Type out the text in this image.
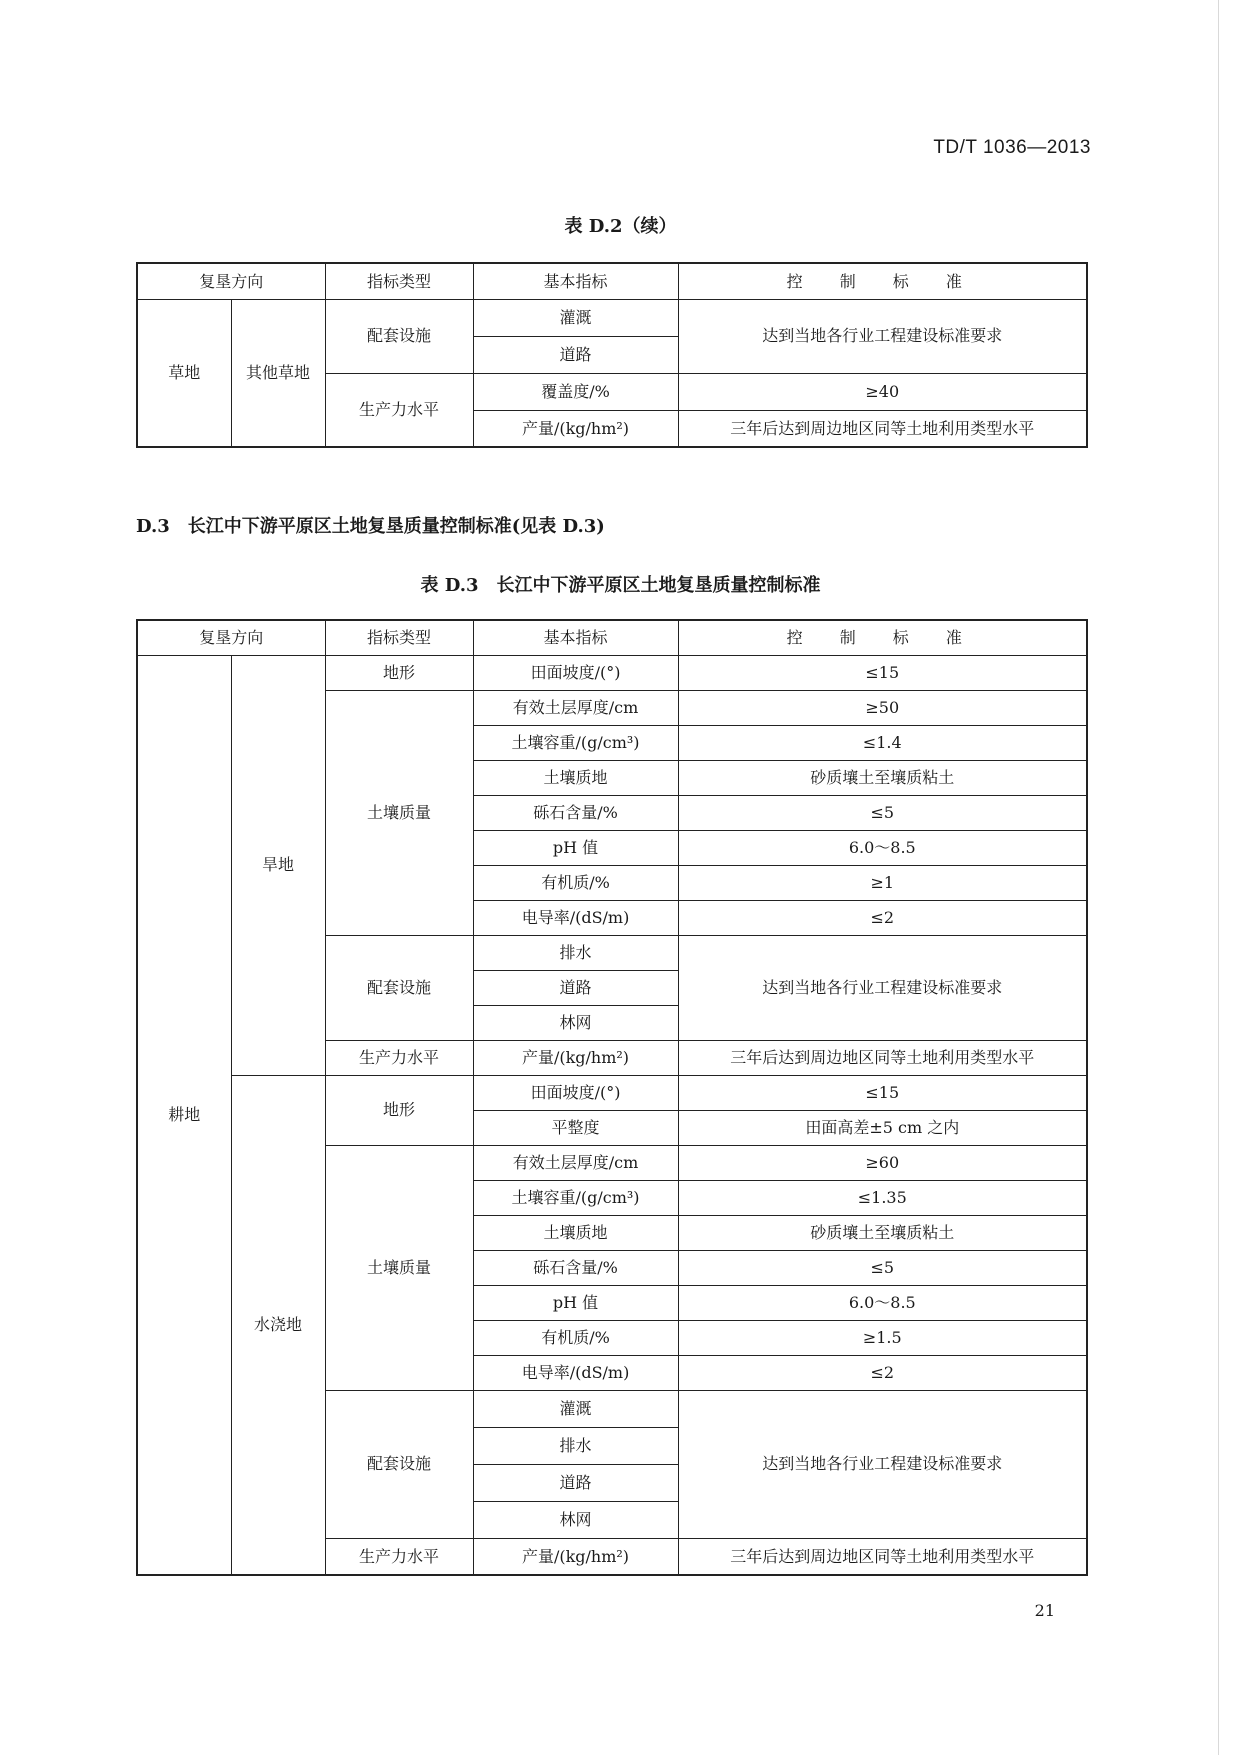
TD/T 1036—2013
表 D.2（续）
复垦方向		指标类型	基本指标	控 制 标 准
草地	其他草地	配套设施	灌溉	达到当地各行业工程建设标准要求
			道路	
		生产力水平	覆盖度/%	≥40
			产量/(kg/hm²)	三年后达到周边地区同等土地利用类型水平
D.3　长江中下游平原区土地复垦质量控制标准(见表 D.3)
表 D.3　长江中下游平原区土地复垦质量控制标准
复垦方向		指标类型	基本指标	控 制 标 准
耕地	旱地	地形	田面坡度/(°)	≤15
		土壤质量	有效土层厚度/cm	≥50
			土壤容重/(g/cm³)	≤1.4
			土壤质地	砂质壤土至壤质粘土
			砾石含量/%	≤5
			pH 值	6.0～8.5
			有机质/%	≥1
			电导率/(dS/m)	≤2
		配套设施	排水	达到当地各行业工程建设标准要求
			道路	
			林网	
		生产力水平	产量/(kg/hm²)	三年后达到周边地区同等土地利用类型水平
	水浇地	地形	田面坡度/(°)	≤15
			平整度	田面高差±5 cm 之内
		土壤质量	有效土层厚度/cm	≥60
			土壤容重/(g/cm³)	≤1.35
			土壤质地	砂质壤土至壤质粘土
			砾石含量/%	≤5
			pH 值	6.0～8.5
			有机质/%	≥1.5
			电导率/(dS/m)	≤2
		配套设施	灌溉	达到当地各行业工程建设标准要求
			排水	
			道路	
			林网	
		生产力水平	产量/(kg/hm²)	三年后达到周边地区同等土地利用类型水平
21
